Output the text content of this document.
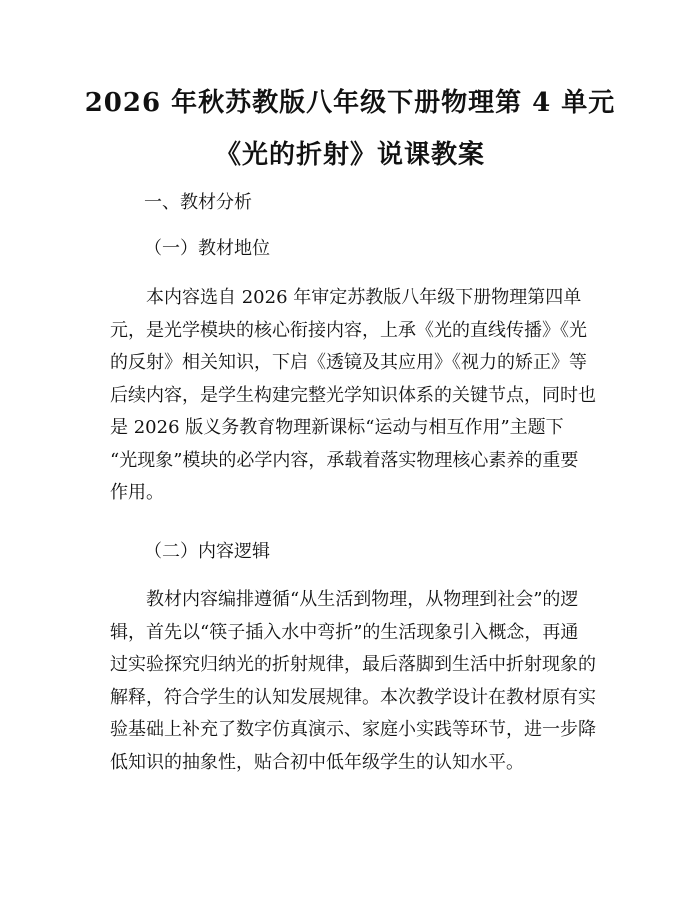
2026 年秋苏教版八年级下册物理第 4 单元
《光的折射》说课教案
一、教材分析
（一）教材地位
　　本内容选自 2026 年审定苏教版八年级下册物理第四单
元，是光学模块的核心衔接内容，上承《光的直线传播》《光
的反射》相关知识，下启《透镜及其应用》《视力的矫正》等
后续内容，是学生构建完整光学知识体系的关键节点，同时也
是 2026 版义务教育物理新课标“运动与相互作用”主题下
“光现象”模块的必学内容，承载着落实物理核心素养的重要
作用。
（二）内容逻辑
　　教材内容编排遵循“从生活到物理，从物理到社会”的逻
辑，首先以“筷子插入水中弯折”的生活现象引入概念，再通
过实验探究归纳光的折射规律，最后落脚到生活中折射现象的
解释，符合学生的认知发展规律。本次教学设计在教材原有实
验基础上补充了数字仿真演示、家庭小实践等环节，进一步降
低知识的抽象性，贴合初中低年级学生的认知水平。
